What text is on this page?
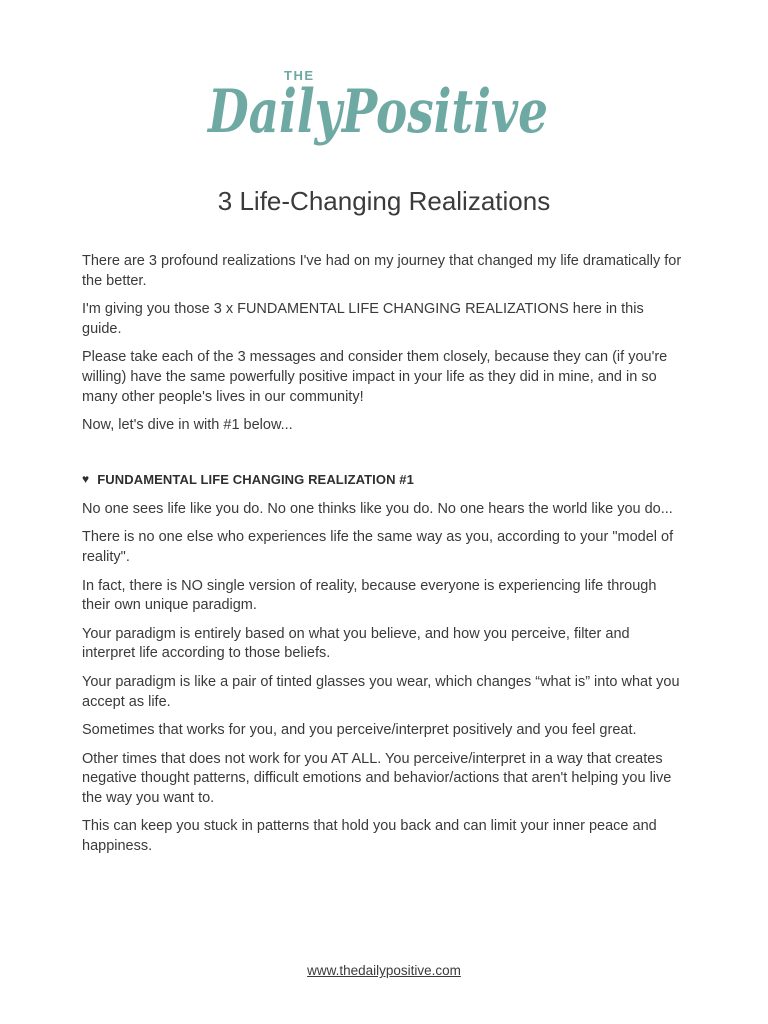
THE
DailyPositive
3 Life-Changing Realizations

There are 3 profound realizations I've had on my journey that changed my life dramatically for the better.

I'm giving you those 3 x FUNDAMENTAL LIFE CHANGING REALIZATIONS here in this guide.

Please take each of the 3 messages and consider them closely, because they can (if you're willing) have the same powerfully positive impact in your life as they did in mine, and in so many other people's lives in our community!

Now, let's dive in with #1 below...

♥ FUNDAMENTAL LIFE CHANGING REALIZATION #1

No one sees life like you do. No one thinks like you do. No one hears the world like you do...

There is no one else who experiences life the same way as you, according to your "model of reality".

In fact, there is NO single version of reality, because everyone is experiencing life through their own unique paradigm.

Your paradigm is entirely based on what you believe, and how you perceive, filter and interpret life according to those beliefs.

Your paradigm is like a pair of tinted glasses you wear, which changes “what is” into what you accept as life.

Sometimes that works for you, and you perceive/interpret positively and you feel great.

Other times that does not work for you AT ALL. You perceive/interpret in a way that creates negative thought patterns, difficult emotions and behavior/actions that aren't helping you live the way you want to.

This can keep you stuck in patterns that hold you back and can limit your inner peace and happiness.

www.thedailypositive.com
